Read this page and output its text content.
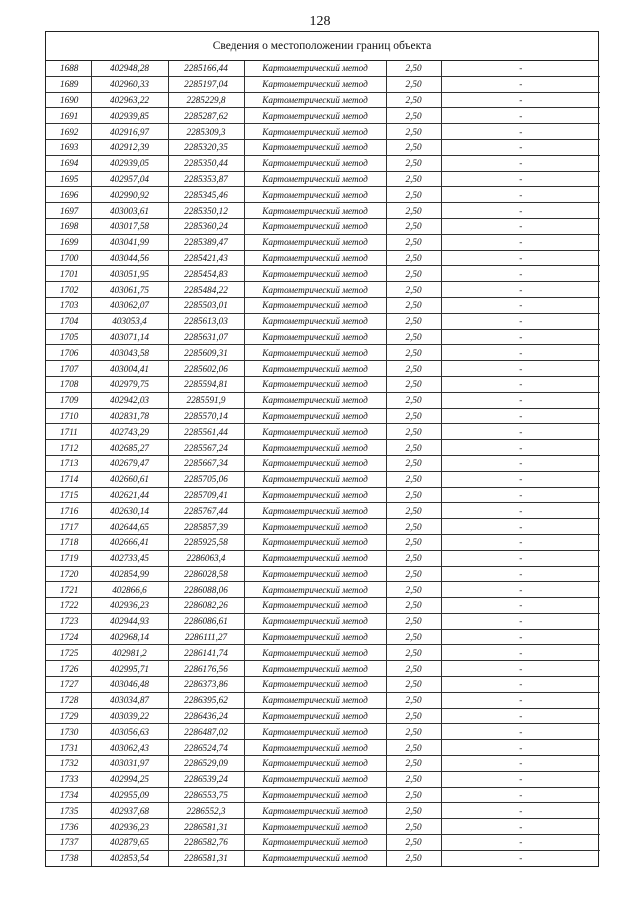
128
Сведения о местоположении границ объекта
1688	402948,28	2285166,44	Картометрический метод	2,50	-
1689	402960,33	2285197,04	Картометрический метод	2,50	-
1690	402963,22	2285229,8	Картометрический метод	2,50	-
1691	402939,85	2285287,62	Картометрический метод	2,50	-
1692	402916,97	2285309,3	Картометрический метод	2,50	-
1693	402912,39	2285320,35	Картометрический метод	2,50	-
1694	402939,05	2285350,44	Картометрический метод	2,50	-
1695	402957,04	2285353,87	Картометрический метод	2,50	-
1696	402990,92	2285345,46	Картометрический метод	2,50	-
1697	403003,61	2285350,12	Картометрический метод	2,50	-
1698	403017,58	2285360,24	Картометрический метод	2,50	-
1699	403041,99	2285389,47	Картометрический метод	2,50	-
1700	403044,56	2285421,43	Картометрический метод	2,50	-
1701	403051,95	2285454,83	Картометрический метод	2,50	-
1702	403061,75	2285484,22	Картометрический метод	2,50	-
1703	403062,07	2285503,01	Картометрический метод	2,50	-
1704	403053,4	2285613,03	Картометрический метод	2,50	-
1705	403071,14	2285631,07	Картометрический метод	2,50	-
1706	403043,58	2285609,31	Картометрический метод	2,50	-
1707	403004,41	2285602,06	Картометрический метод	2,50	-
1708	402979,75	2285594,81	Картометрический метод	2,50	-
1709	402942,03	2285591,9	Картометрический метод	2,50	-
1710	402831,78	2285570,14	Картометрический метод	2,50	-
1711	402743,29	2285561,44	Картометрический метод	2,50	-
1712	402685,27	2285567,24	Картометрический метод	2,50	-
1713	402679,47	2285667,34	Картометрический метод	2,50	-
1714	402660,61	2285705,06	Картометрический метод	2,50	-
1715	402621,44	2285709,41	Картометрический метод	2,50	-
1716	402630,14	2285767,44	Картометрический метод	2,50	-
1717	402644,65	2285857,39	Картометрический метод	2,50	-
1718	402666,41	2285925,58	Картометрический метод	2,50	-
1719	402733,45	2286063,4	Картометрический метод	2,50	-
1720	402854,99	2286028,58	Картометрический метод	2,50	-
1721	402866,6	2286088,06	Картометрический метод	2,50	-
1722	402936,23	2286082,26	Картометрический метод	2,50	-
1723	402944,93	2286086,61	Картометрический метод	2,50	-
1724	402968,14	2286111,27	Картометрический метод	2,50	-
1725	402981,2	2286141,74	Картометрический метод	2,50	-
1726	402995,71	2286176,56	Картометрический метод	2,50	-
1727	403046,48	2286373,86	Картометрический метод	2,50	-
1728	403034,87	2286395,62	Картометрический метод	2,50	-
1729	403039,22	2286436,24	Картометрический метод	2,50	-
1730	403056,63	2286487,02	Картометрический метод	2,50	-
1731	403062,43	2286524,74	Картометрический метод	2,50	-
1732	403031,97	2286529,09	Картометрический метод	2,50	-
1733	402994,25	2286539,24	Картометрический метод	2,50	-
1734	402955,09	2286553,75	Картометрический метод	2,50	-
1735	402937,68	2286552,3	Картометрический метод	2,50	-
1736	402936,23	2286581,31	Картометрический метод	2,50	-
1737	402879,65	2286582,76	Картометрический метод	2,50	-
1738	402853,54	2286581,31	Картометрический метод	2,50	-
